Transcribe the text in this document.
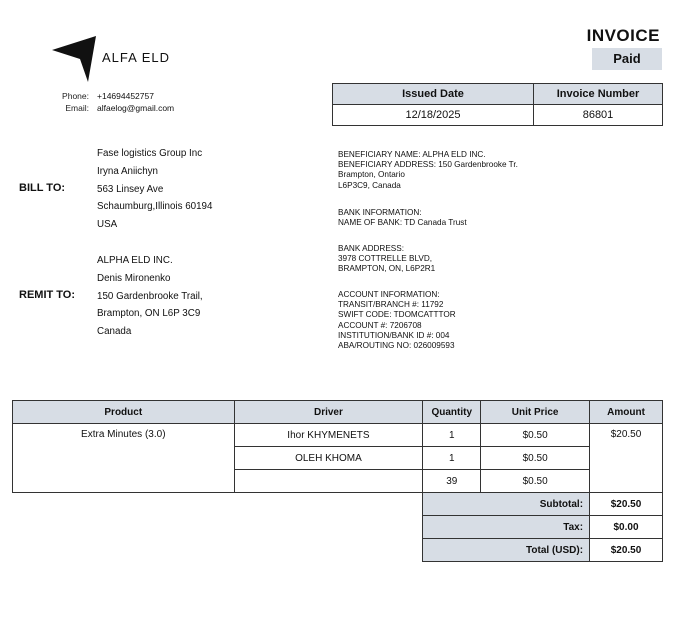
ALFA ELD
INVOICE
Paid
Phone: +14694452757
Email: alfaelog@gmail.com
Issued Date	Invoice Number
12/18/2025	86801
BILL TO:
Fase logistics Group Inc
Iryna Aniichyn
563 Linsey Ave
Schaumburg,Illinois 60194
USA
REMIT TO:
ALPHA ELD INC.
Denis Mironenko
150 Gardenbrooke Trail,
Brampton, ON L6P 3C9
Canada
BENEFICIARY NAME: ALPHA ELD INC.
BENEFICIARY ADDRESS: 150 Gardenbrooke Tr.
Brampton, Ontario
L6P3C9, Canada
BANK INFORMATION:
NAME OF BANK: TD Canada Trust
BANK ADDRESS:
3978 COTTRELLE BLVD,
BRAMPTON, ON, L6P2R1
ACCOUNT INFORMATION:
TRANSIT/BRANCH #: 11792
SWIFT CODE: TDOMCATTTOR
ACCOUNT #: 7206708
INSTITUTION/BANK ID #: 004
ABA/ROUTING NO: 026009593
Product	Driver	Quantity	Unit Price	Amount
Extra Minutes (3.0)	Ihor KHYMENETS	1	$0.50	$20.50
	OLEH KHOMA	1	$0.50	
		39	$0.50	
		Subtotal:		$20.50
		Tax:		$0.00
		Total (USD):		$20.50
